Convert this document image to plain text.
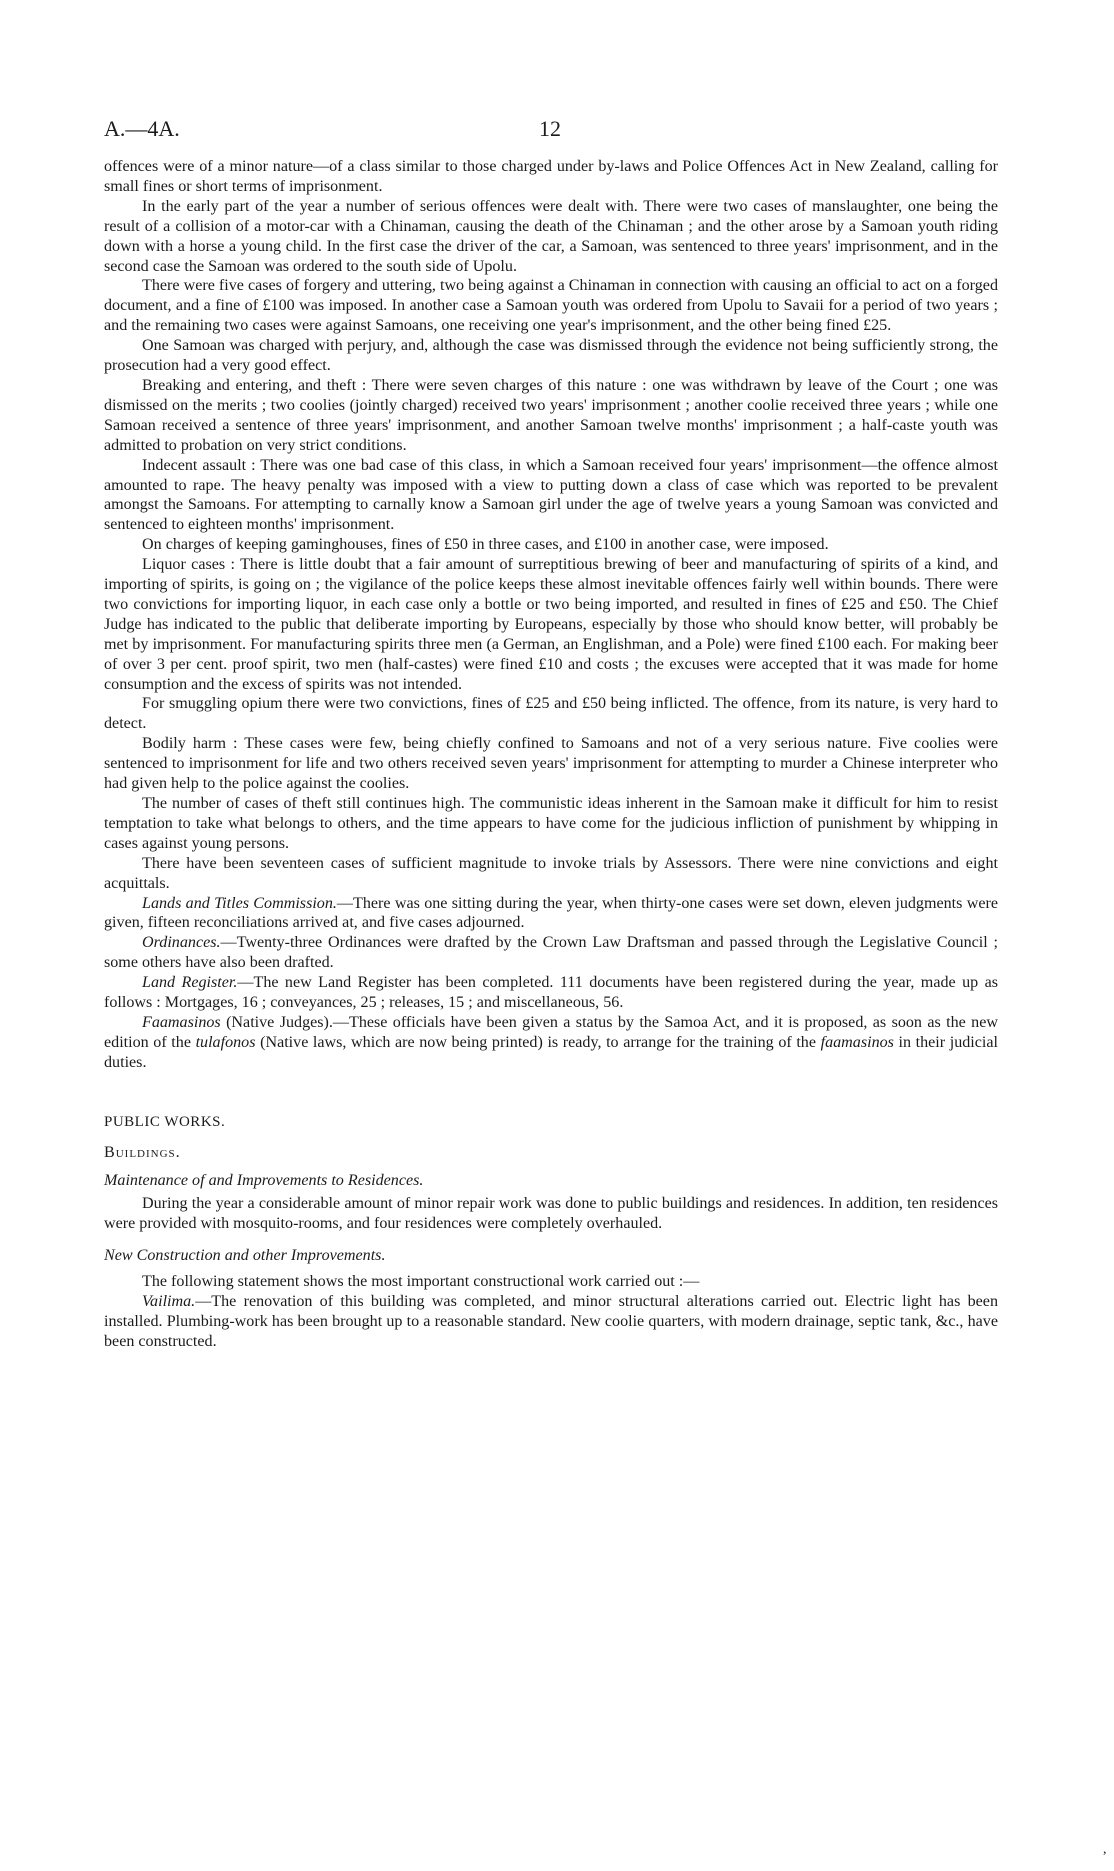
A.—4A.	12

offences were of a minor nature—of a class similar to those charged under by-laws and Police Offences Act in New Zealand, calling for small fines or short terms of imprisonment.

In the early part of the year a number of serious offences were dealt with. There were two cases of manslaughter, one being the result of a collision of a motor-car with a Chinaman, causing the death of the Chinaman ; and the other arose by a Samoan youth riding down with a horse a young child. In the first case the driver of the car, a Samoan, was sentenced to three years' imprisonment, and in the second case the Samoan was ordered to the south side of Upolu.

There were five cases of forgery and uttering, two being against a Chinaman in connection with causing an official to act on a forged document, and a fine of £100 was imposed. In another case a Samoan youth was ordered from Upolu to Savaii for a period of two years ; and the remaining two cases were against Samoans, one receiving one year's imprisonment, and the other being fined £25.

One Samoan was charged with perjury, and, although the case was dismissed through the evidence not being sufficiently strong, the prosecution had a very good effect.

Breaking and entering, and theft : There were seven charges of this nature : one was withdrawn by leave of the Court ; one was dismissed on the merits ; two coolies (jointly charged) received two years' imprisonment ; another coolie received three years ; while one Samoan received a sentence of three years' imprisonment, and another Samoan twelve months' imprisonment ; a half-caste youth was admitted to probation on very strict conditions.

Indecent assault : There was one bad case of this class, in which a Samoan received four years' imprisonment—the offence almost amounted to rape. The heavy penalty was imposed with a view to putting down a class of case which was reported to be prevalent amongst the Samoans. For attempting to carnally know a Samoan girl under the age of twelve years a young Samoan was convicted and sentenced to eighteen months' imprisonment.

On charges of keeping gaminghouses, fines of £50 in three cases, and £100 in another case, were imposed.

Liquor cases : There is little doubt that a fair amount of surreptitious brewing of beer and manufacturing of spirits of a kind, and importing of spirits, is going on ; the vigilance of the police keeps these almost inevitable offences fairly well within bounds. There were two convictions for importing liquor, in each case only a bottle or two being imported, and resulted in fines of £25 and £50. The Chief Judge has indicated to the public that deliberate importing by Europeans, especially by those who should know better, will probably be met by imprisonment. For manufacturing spirits three men (a German, an Englishman, and a Pole) were fined £100 each. For making beer of over 3 per cent. proof spirit, two men (half-castes) were fined £10 and costs ; the excuses were accepted that it was made for home consumption and the excess of spirits was not intended.

For smuggling opium there were two convictions, fines of £25 and £50 being inflicted. The offence, from its nature, is very hard to detect.

Bodily harm : These cases were few, being chiefly confined to Samoans and not of a very serious nature. Five coolies were sentenced to imprisonment for life and two others received seven years' imprisonment for attempting to murder a Chinese interpreter who had given help to the police against the coolies.

The number of cases of theft still continues high. The communistic ideas inherent in the Samoan make it difficult for him to resist temptation to take what belongs to others, and the time appears to have come for the judicious infliction of punishment by whipping in cases against young persons.

There have been seventeen cases of sufficient magnitude to invoke trials by Assessors. There were nine convictions and eight acquittals.

Lands and Titles Commission.—There was one sitting during the year, when thirty-one cases were set down, eleven judgments were given, fifteen reconciliations arrived at, and five cases adjourned.

Ordinances.—Twenty-three Ordinances were drafted by the Crown Law Draftsman and passed through the Legislative Council ; some others have also been drafted.

Land Register.—The new Land Register has been completed. 111 documents have been registered during the year, made up as follows : Mortgages, 16 ; conveyances, 25 ; releases, 15 ; and miscellaneous, 56.

Faamasinos (Native Judges).—These officials have been given a status by the Samoa Act, and it is proposed, as soon as the new edition of the tulafonos (Native laws, which are now being printed) is ready, to arrange for the training of the faamasinos in their judicial duties.

PUBLIC WORKS.

Buildings.

Maintenance of and Improvements to Residences.

During the year a considerable amount of minor repair work was done to public buildings and residences. In addition, ten residences were provided with mosquito-rooms, and four residences were completely overhauled.

New Construction and other Improvements.

The following statement shows the most important constructional work carried out :—

Vailima.—The renovation of this building was completed, and minor structural alterations carried out. Electric light has been installed. Plumbing-work has been brought up to a reasonable standard. New coolie quarters, with modern drainage, septic tank, &c., have been constructed.

,
